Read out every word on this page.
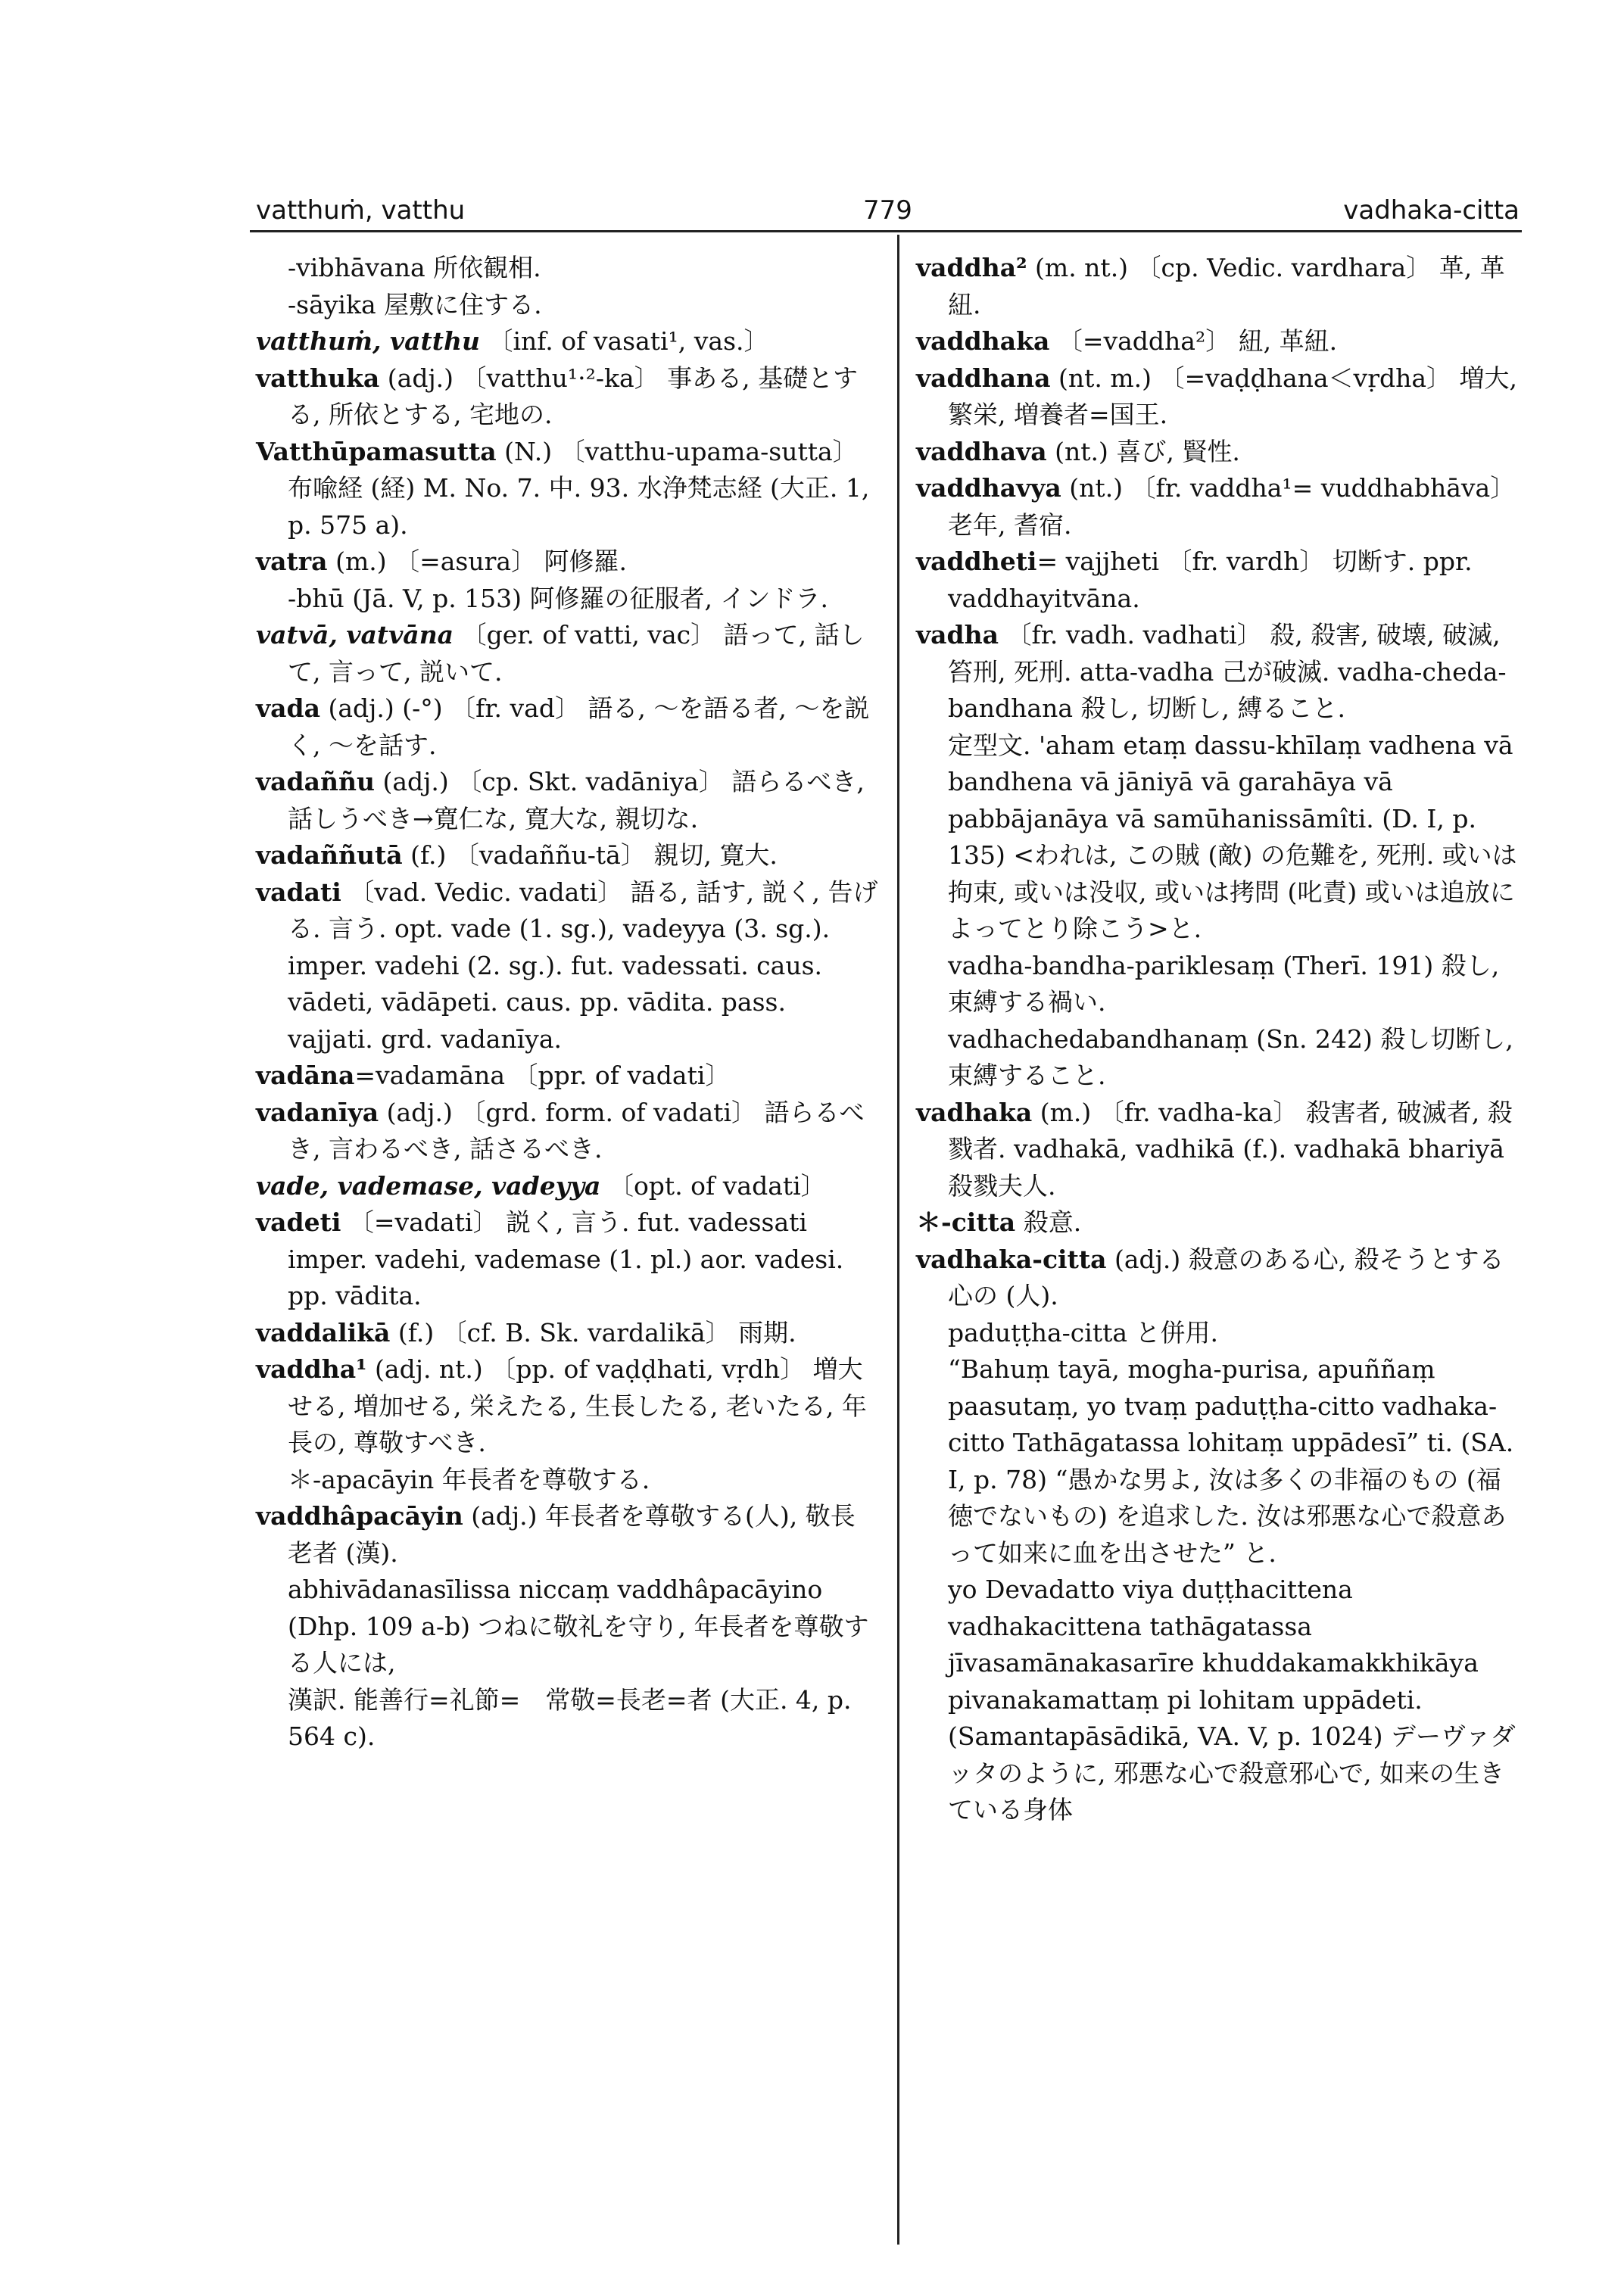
vatthuṁ, vatthu	779	vadhaka-citta

-vibhāvana 所依観相.

-sāyika 屋敷に住する.

vatthuṁ, vatthu 〔inf. of vasati¹, vas.〕

vatthuka (adj.) 〔vatthu¹·²-ka〕 事ある, 基礎とする, 所依とする, 宅地の.

Vatthūpamasutta (N.) 〔vatthu-upama-sutta〕 布喩経 (経) M. No. 7. 中. 93. 水浄梵志経 (大正. 1, p. 575 a).

vatra (m.) 〔=asura〕 阿修羅.

-bhū (Jā. V, p. 153) 阿修羅の征服者, インドラ.

vatvā, vatvāna 〔ger. of vatti, vac〕 語って, 話して, 言って, 説いて.

vada (adj.) (-°) 〔fr. vad〕 語る, ～を語る者, ～を説く, ～を話す.

vadaññu (adj.) 〔cp. Skt. vadāniya〕 語らるべき, 話しうべき→寛仁な, 寛大な, 親切な.

vadaññutā (f.) 〔vadaññu-tā〕 親切, 寛大.

vadati 〔vad. Vedic. vadati〕 語る, 話す, 説く, 告げる. 言う. opt. vade (1. sg.), vadeyya (3. sg.). imper. vadehi (2. sg.). fut. vadessati. caus. vādeti, vādāpeti. caus. pp. vādita. pass. vajjati. grd. vadanīya.

vadāna=vadamāna 〔ppr. of vadati〕

vadanīya (adj.) 〔grd. form. of vadati〕 語らるべき, 言わるべき, 話さるべき.

vade, vademase, vadeyya 〔opt. of vadati〕

vadeti 〔=vadati〕 説く, 言う. fut. vadessati imper. vadehi, vademase (1. pl.) aor. vadesi. pp. vādita.

vaddalikā (f.) 〔cf. B. Sk. vardalikā〕 雨期.

vaddha¹ (adj. nt.) 〔pp. of vaḍḍhati, vṛdh〕 増大せる, 増加せる, 栄えたる, 生長したる, 老いたる, 年長の, 尊敬すべき.

＊-apacāyin 年長者を尊敬する.

vaddhâpacāyin (adj.) 年長者を尊敬する(人), 敬長老者 (漢).

abhivādanasīlissa niccaṃ vaddhâpacāyino (Dhp. 109 a-b) つねに敬礼を守り, 年長者を尊敬する人には,

漢訳. 能善行=礼節=　常敬=長老=者 (大正. 4, p. 564 c).

vaddha² (m. nt.) 〔cp. Vedic. vardhara〕 革, 革紐.

vaddhaka 〔=vaddha²〕 紐, 革紐.

vaddhana (nt. m.) 〔=vaḍḍhana＜vṛdha〕 増大, 繁栄, 増養者=国王.

vaddhava (nt.) 喜び, 賢性.

vaddhavya (nt.) 〔fr. vaddha¹= vuddhabhāva〕 老年, 耆宿.

vaddheti= vajjheti 〔fr. vardh〕 切断す. ppr. vaddhayitvāna.

vadha 〔fr. vadh. vadhati〕 殺, 殺害, 破壊, 破滅, 笞刑, 死刑. atta-vadha 己が破滅. vadha-cheda-bandhana 殺し, 切断し, 縛ること.

定型文. 'aham etaṃ dassu-khīlaṃ vadhena vā bandhena vā jāniyā vā garahāya vā pabbājanāya vā samūhanissāmîti. (D. I, p. 135) <われは, この賊 (敵) の危難を, 死刑. 或いは拘束, 或いは没収, 或いは拷問 (叱責) 或いは追放によってとり除こう>と.

vadha-bandha-pariklesaṃ (Therī. 191) 殺し, 束縛する禍い.

vadhachedabandhanaṃ (Sn. 242) 殺し切断し, 束縛すること.

vadhaka (m.) 〔fr. vadha-ka〕 殺害者, 破滅者, 殺戮者. vadhakā, vadhikā (f.). vadhakā bhariyā 殺戮夫人.

＊-citta 殺意.

vadhaka-citta (adj.) 殺意のある心, 殺そうとする心の (人).

paduṭṭha-citta と併用.

“Bahuṃ tayā, mogha-purisa, apuññaṃ paasutaṃ, yo tvaṃ paduṭṭha-citto vadhaka-citto Tathāgatassa lohitaṃ uppādesī” ti. (SA. I, p. 78) “愚かな男よ, 汝は多くの非福のもの (福徳でないもの) を追求した. 汝は邪悪な心で殺意あって如来に血を出させた” と.

yo Devadatto viya duṭṭhacittena vadhakacittena tathāgatassa jīvasamānakasarīre khuddakamakkhikāya pivanakamattaṃ pi lohitam uppādeti. (Samantapāsādikā, VA. V, p. 1024) デーヴァダッタのように, 邪悪な心で殺意邪心で, 如来の生きている身体
